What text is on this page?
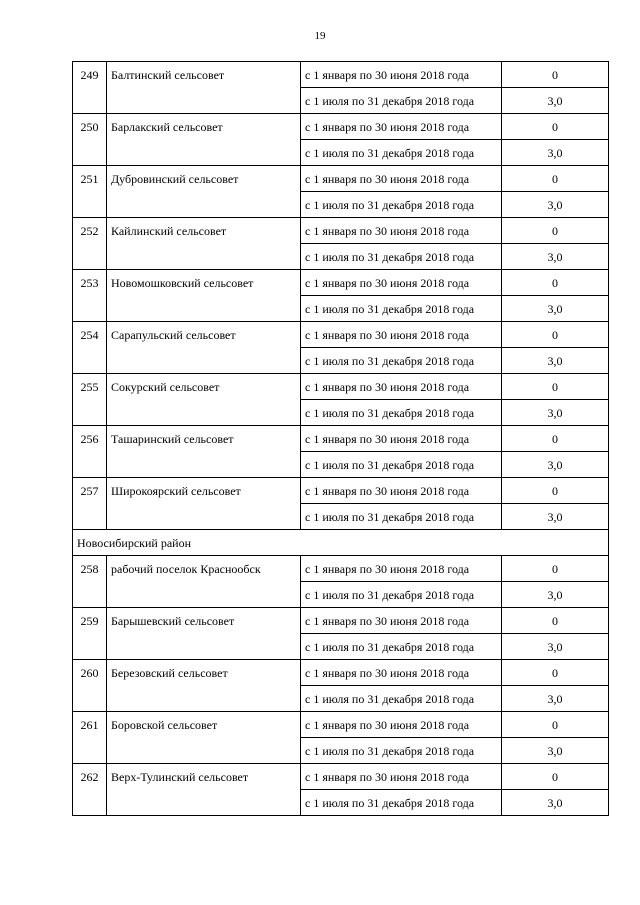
19
249	Балтинский сельсовет	с 1 января по 30 июня 2018 года	0
		с 1 июля по 31 декабря 2018 года	3,0
250	Барлакский сельсовет	с 1 января по 30 июня 2018 года	0
		с 1 июля по 31 декабря 2018 года	3,0
251	Дубровинский сельсовет	с 1 января по 30 июня 2018 года	0
		с 1 июля по 31 декабря 2018 года	3,0
252	Кайлинский сельсовет	с 1 января по 30 июня 2018 года	0
		с 1 июля по 31 декабря 2018 года	3,0
253	Новомошковский сельсовет	с 1 января по 30 июня 2018 года	0
		с 1 июля по 31 декабря 2018 года	3,0
254	Сарапульский сельсовет	с 1 января по 30 июня 2018 года	0
		с 1 июля по 31 декабря 2018 года	3,0
255	Сокурский сельсовет	с 1 января по 30 июня 2018 года	0
		с 1 июля по 31 декабря 2018 года	3,0
256	Ташаринский сельсовет	с 1 января по 30 июня 2018 года	0
		с 1 июля по 31 декабря 2018 года	3,0
257	Широкоярский сельсовет	с 1 января по 30 июня 2018 года	0
		с 1 июля по 31 декабря 2018 года	3,0
Новосибирский район			
258	рабочий поселок Краснообск	с 1 января по 30 июня 2018 года	0
		с 1 июля по 31 декабря 2018 года	3,0
259	Барышевский сельсовет	с 1 января по 30 июня 2018 года	0
		с 1 июля по 31 декабря 2018 года	3,0
260	Березовский сельсовет	с 1 января по 30 июня 2018 года	0
		с 1 июля по 31 декабря 2018 года	3,0
261	Боровской сельсовет	с 1 января по 30 июня 2018 года	0
		с 1 июля по 31 декабря 2018 года	3,0
262	Верх-Тулинский сельсовет	с 1 января по 30 июня 2018 года	0
		с 1 июля по 31 декабря 2018 года	3,0
